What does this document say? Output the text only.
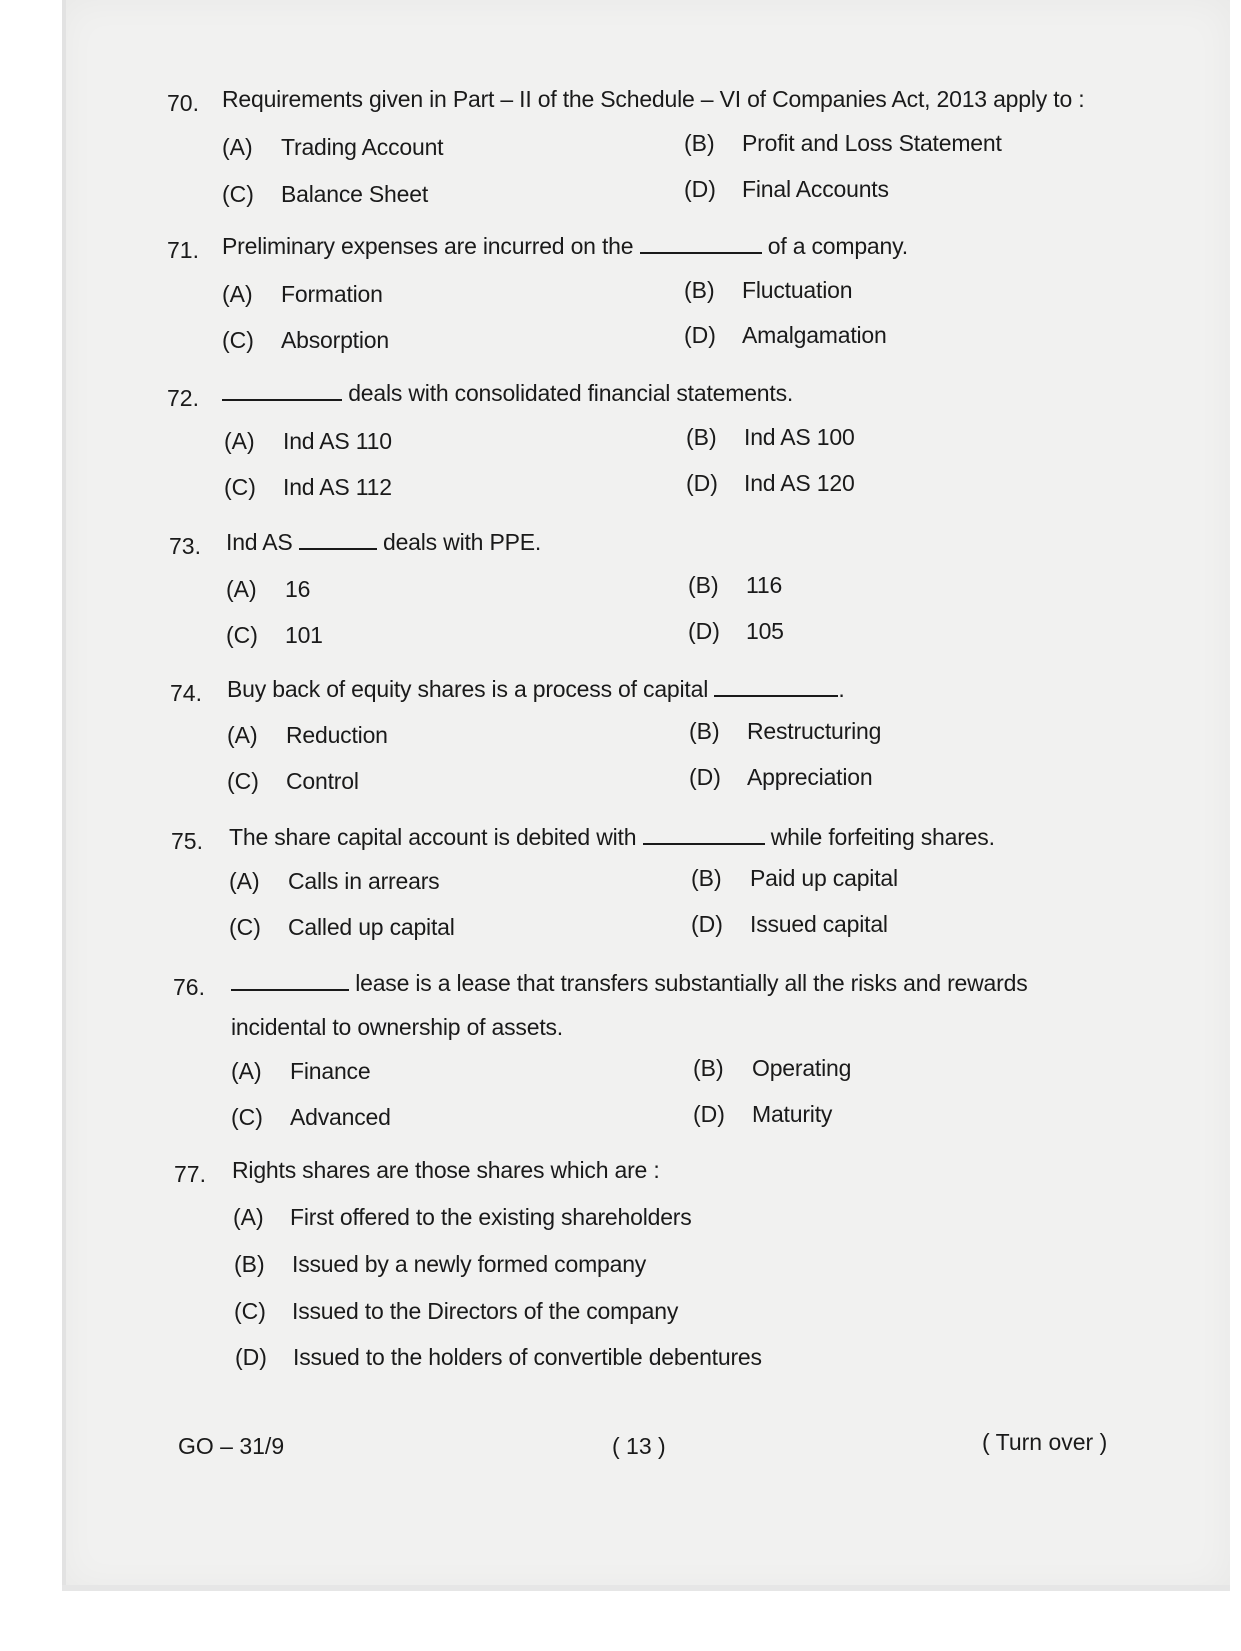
70. Requirements given in Part – II of the Schedule – VI of Companies Act, 2013 apply to :
(A) Trading Account	(B) Profit and Loss Statement
(C) Balance Sheet	(D) Final Accounts
71. Preliminary expenses are incurred on the	of a company.
(A) Formation	(B) Fluctuation
(C) Absorption	(D) Amalgamation
72.	deals with consolidated financial statements.
(A) Ind AS 110	(B) Ind AS 100
(C) Ind AS 112	(D) Ind AS 120
73. Ind AS	deals with PPE.
(A) 16	(B) 116
(C) 101	(D) 105
74. Buy back of equity shares is a process of capital	.
(A) Reduction	(B) Restructuring
(C) Control	(D) Appreciation
75. The share capital account is debited with	while forfeiting shares.
(A) Calls in arrears	(B) Paid up capital
(C) Called up capital	(D) Issued capital
76.	lease is a lease that transfers substantially all the risks and rewards
incidental to ownership of assets.
(A) Finance	(B) Operating
(C) Advanced	(D) Maturity
77. Rights shares are those shares which are :
(A) First offered to the existing shareholders
(B) Issued by a newly formed company
(C) Issued to the Directors of the company
(D) Issued to the holders of convertible debentures
GO – 31/9	( 13 )	( Turn over )
